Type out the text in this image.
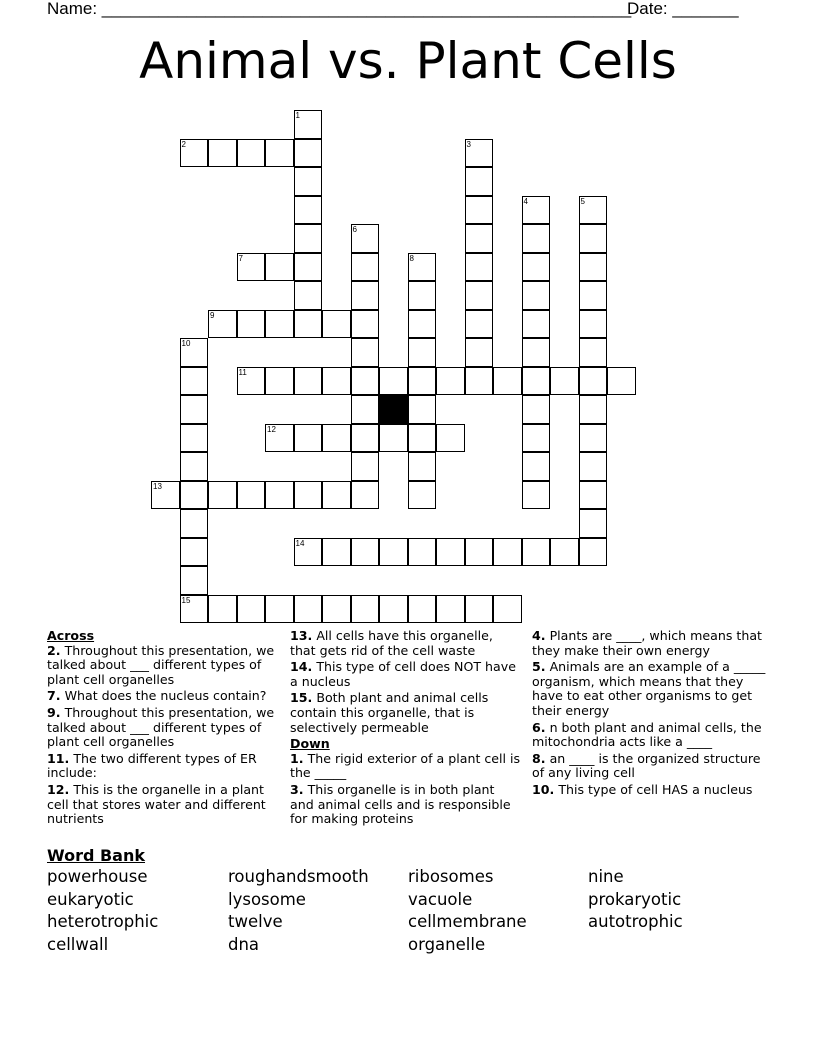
Name: ________________________________________________________
Date: _______
Animal vs. Plant Cells
1
2	3
4	5
6
7	8
9
10
15
11
12
13
14
Across

2. Throughout this presentation, we talked about ___ different types of plant cell organelles

7. What does the nucleus contain?

9. Throughout this presentation, we talked about ___ different types of plant cell organelles

11. The two different types of ER include:

12. This is the organelle in a plant cell that stores water and different nutrients

13. All cells have this organelle, that gets rid of the cell waste

14. This type of cell does NOT have a nucleus

15. Both plant and animal cells contain this organelle, that is selectively permeable

Down

1. The rigid exterior of a plant cell is the _____

3. This organelle is in both plant and animal cells and is responsible for making proteins

4. Plants are ____, which means that they make their own energy

5. Animals are an example of a _____ organism, which means that they have to eat other organisms to get their energy

6. n both plant and animal cells, the mitochondria acts like a ____

8. an ____ is the organized structure of any living cell

10. This type of cell HAS a nucleus

Word Bank
powerhouse	roughandsmooth ribosomes	nine
eukaryotic	lysosome	vacuole	prokaryotic
heterotrophic	twelve	cellmembrane	autotrophic
cellwall	dna	organelle
